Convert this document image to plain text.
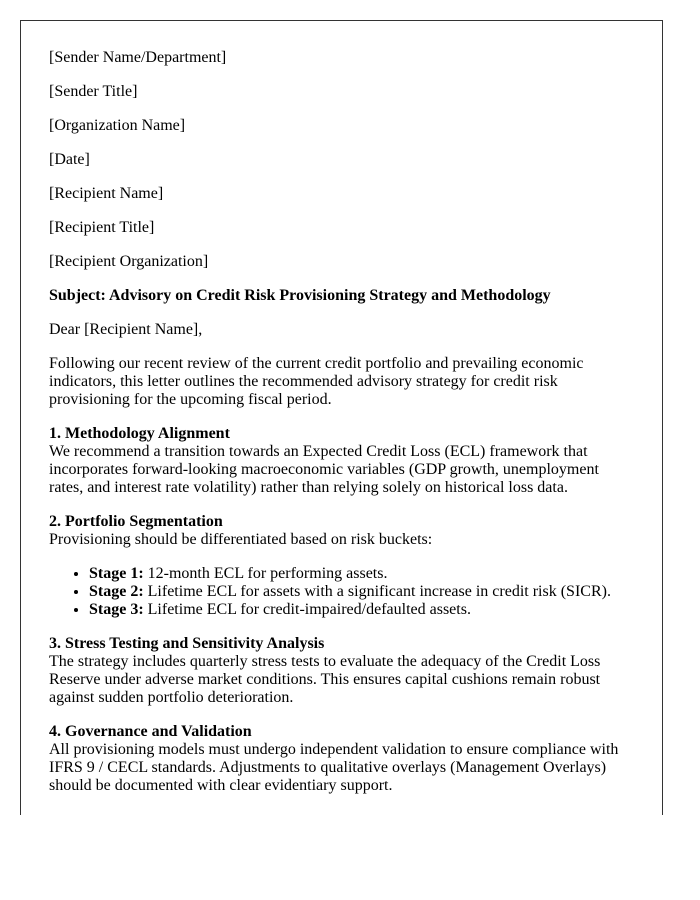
[Sender Name/Department]

[Sender Title]

[Organization Name]

[Date]

[Recipient Name]

[Recipient Title]

[Recipient Organization]

Subject: Advisory on Credit Risk Provisioning Strategy and Methodology

Dear [Recipient Name],

Following our recent review of the current credit portfolio and prevailing economic indicators, this letter outlines the recommended advisory strategy for credit risk provisioning for the upcoming fiscal period.

1. Methodology Alignment
We recommend a transition towards an Expected Credit Loss (ECL) framework that incorporates forward-looking macroeconomic variables (GDP growth, unemployment rates, and interest rate volatility) rather than relying solely on historical loss data.
2. Portfolio Segmentation
Provisioning should be differentiated based on risk buckets:
• Stage 1: 12-month ECL for performing assets.
• Stage 2: Lifetime ECL for assets with a significant increase in credit risk (SICR).
• Stage 3: Lifetime ECL for credit-impaired/defaulted assets.
3. Stress Testing and Sensitivity Analysis
The strategy includes quarterly stress tests to evaluate the adequacy of the Credit Loss Reserve under adverse market conditions. This ensures capital cushions remain robust against sudden portfolio deterioration.
4. Governance and Validation
All provisioning models must undergo independent validation to ensure compliance with IFRS 9 / CECL standards. Adjustments to qualitative overlays (Management Overlays) should be documented with clear evidentiary support.
